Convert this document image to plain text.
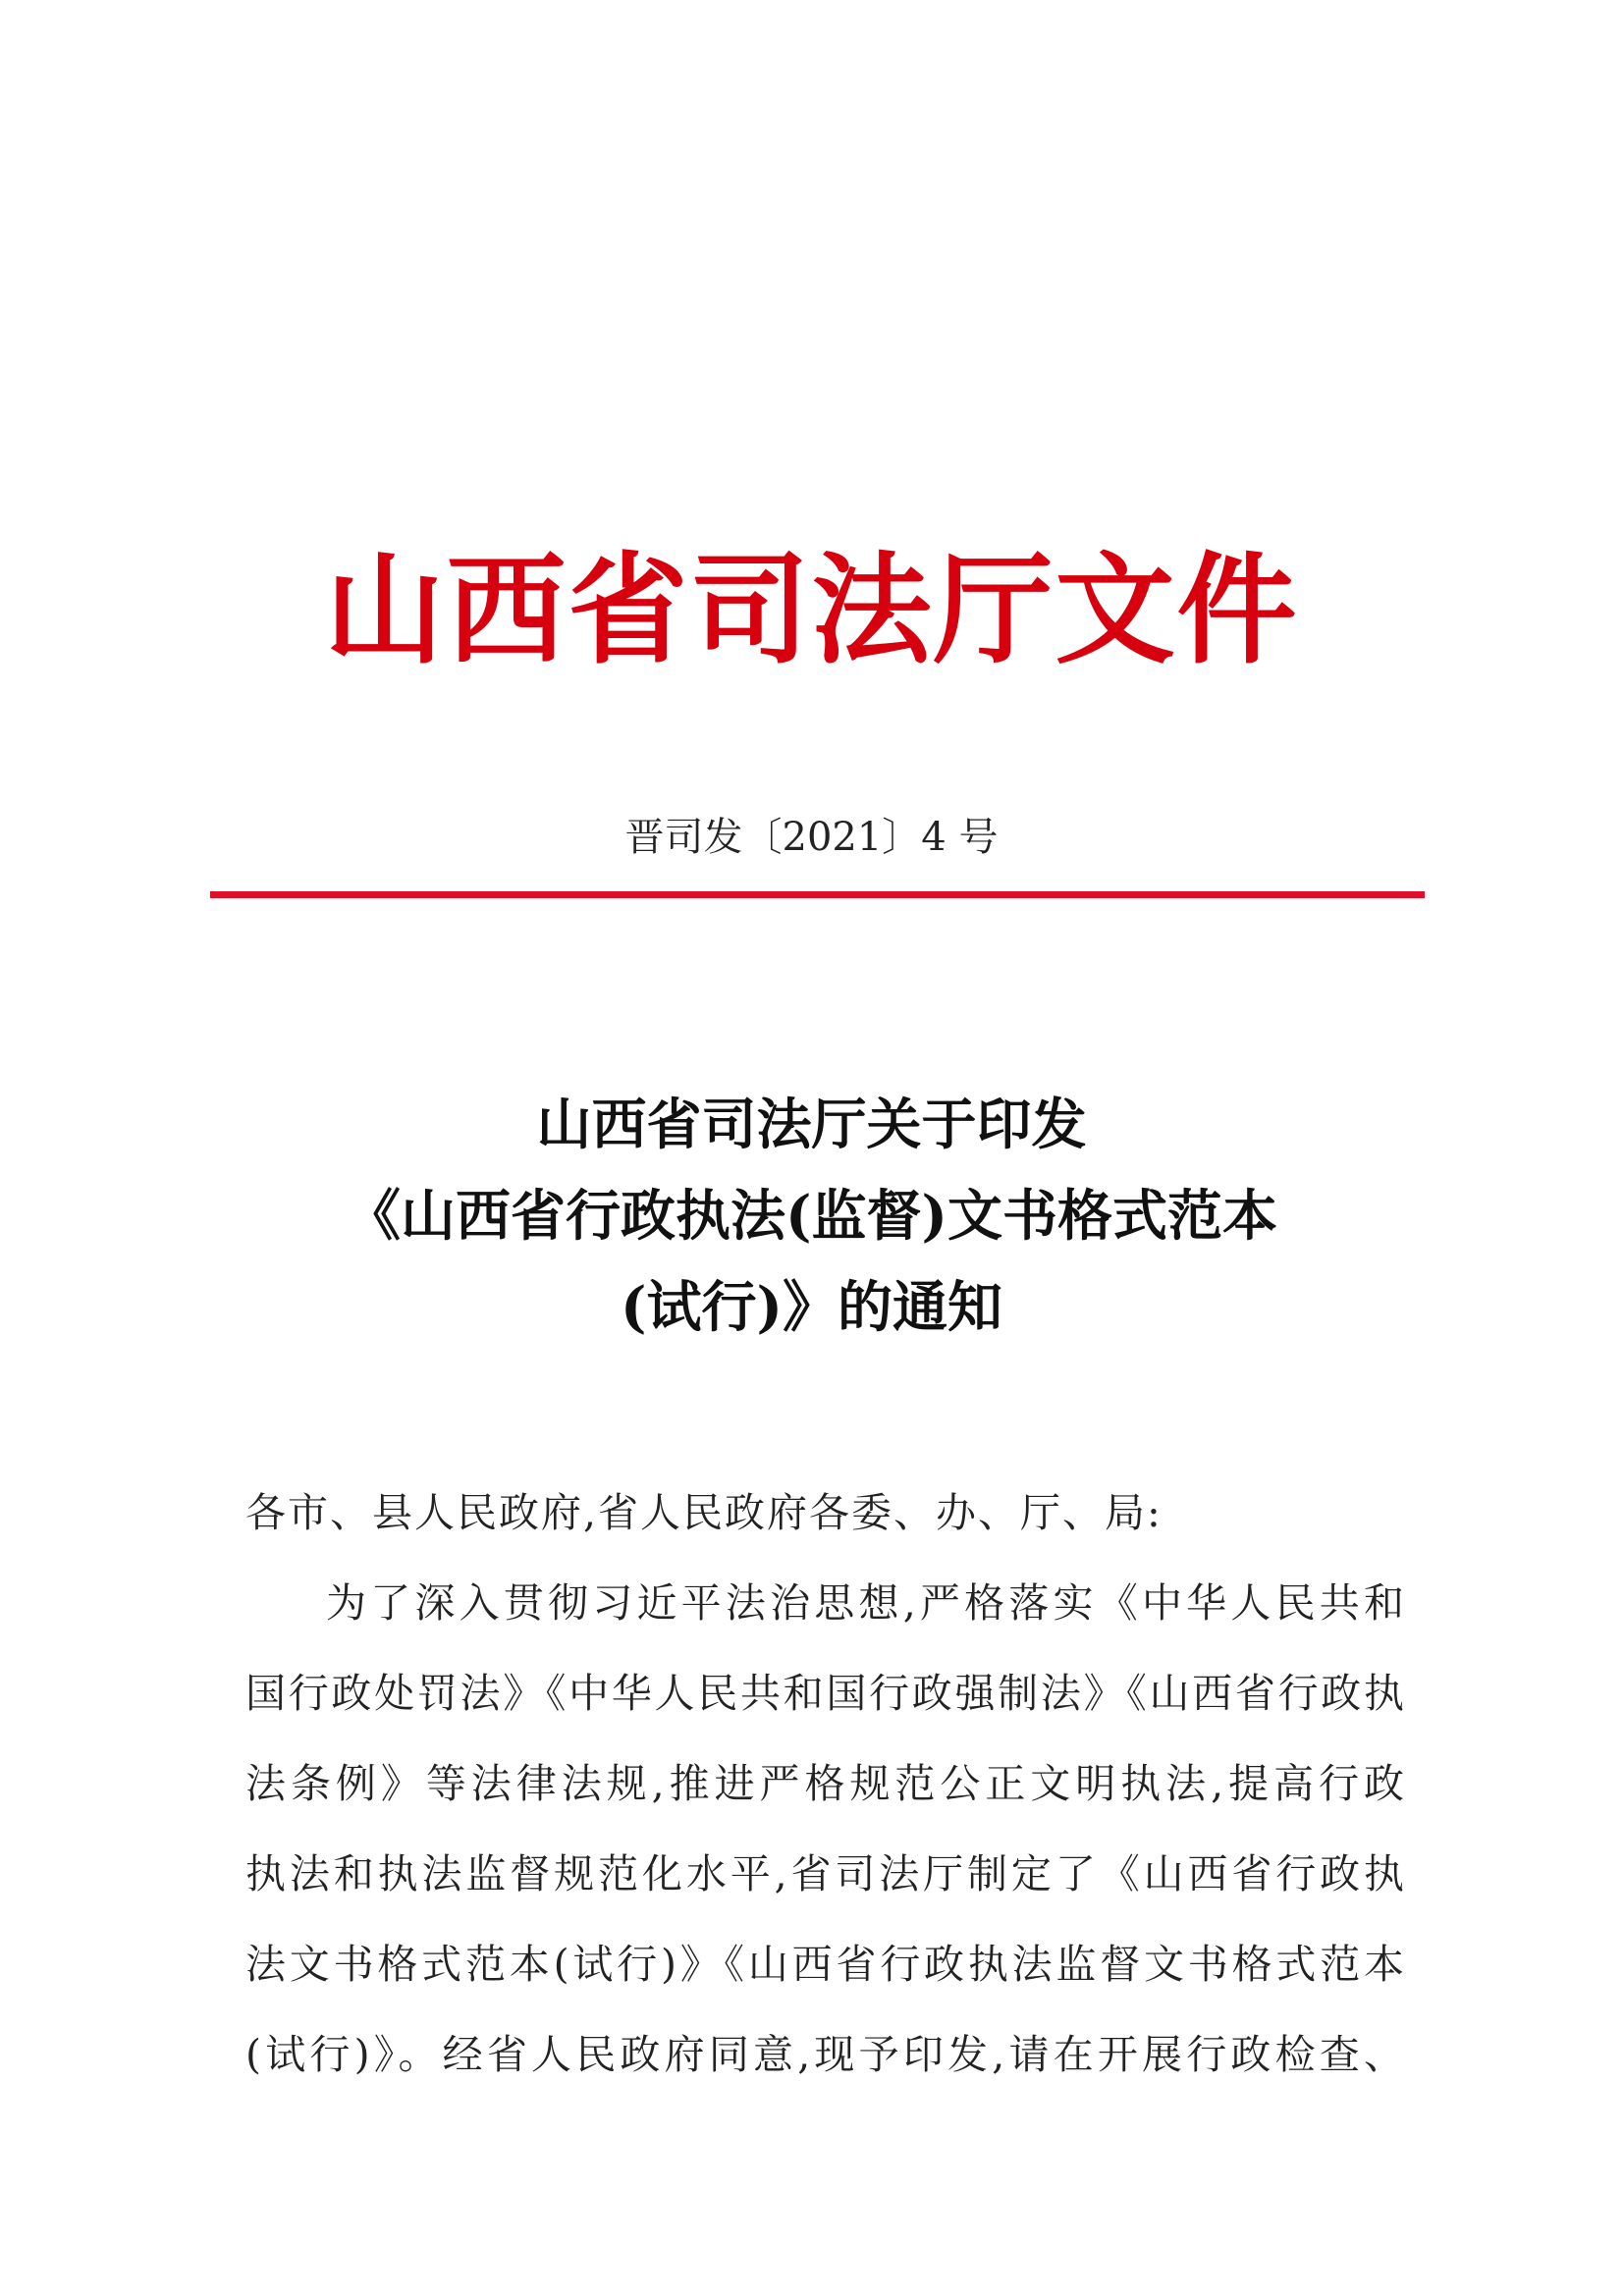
山西省司法厅文件
晋司发〔2021〕4 号
山西省司法厅关于印发
《山西省行政执法(监督)文书格式范本
(试行)》的通知
各市、县人民政府,省人民政府各委、办、厅、局:
为了深入贯彻习近平法治思想,严格落实《中华人民共和
国行政处罚法》《中华人民共和国行政强制法》《山西省行政执
法条例》等法律法规,推进严格规范公正文明执法,提高行政
执法和执法监督规范化水平,省司法厅制定了《山西省行政执
法文书格式范本(试行)》《山西省行政执法监督文书格式范本
(试行)》。经省人民政府同意,现予印发,请在开展行政检查、
